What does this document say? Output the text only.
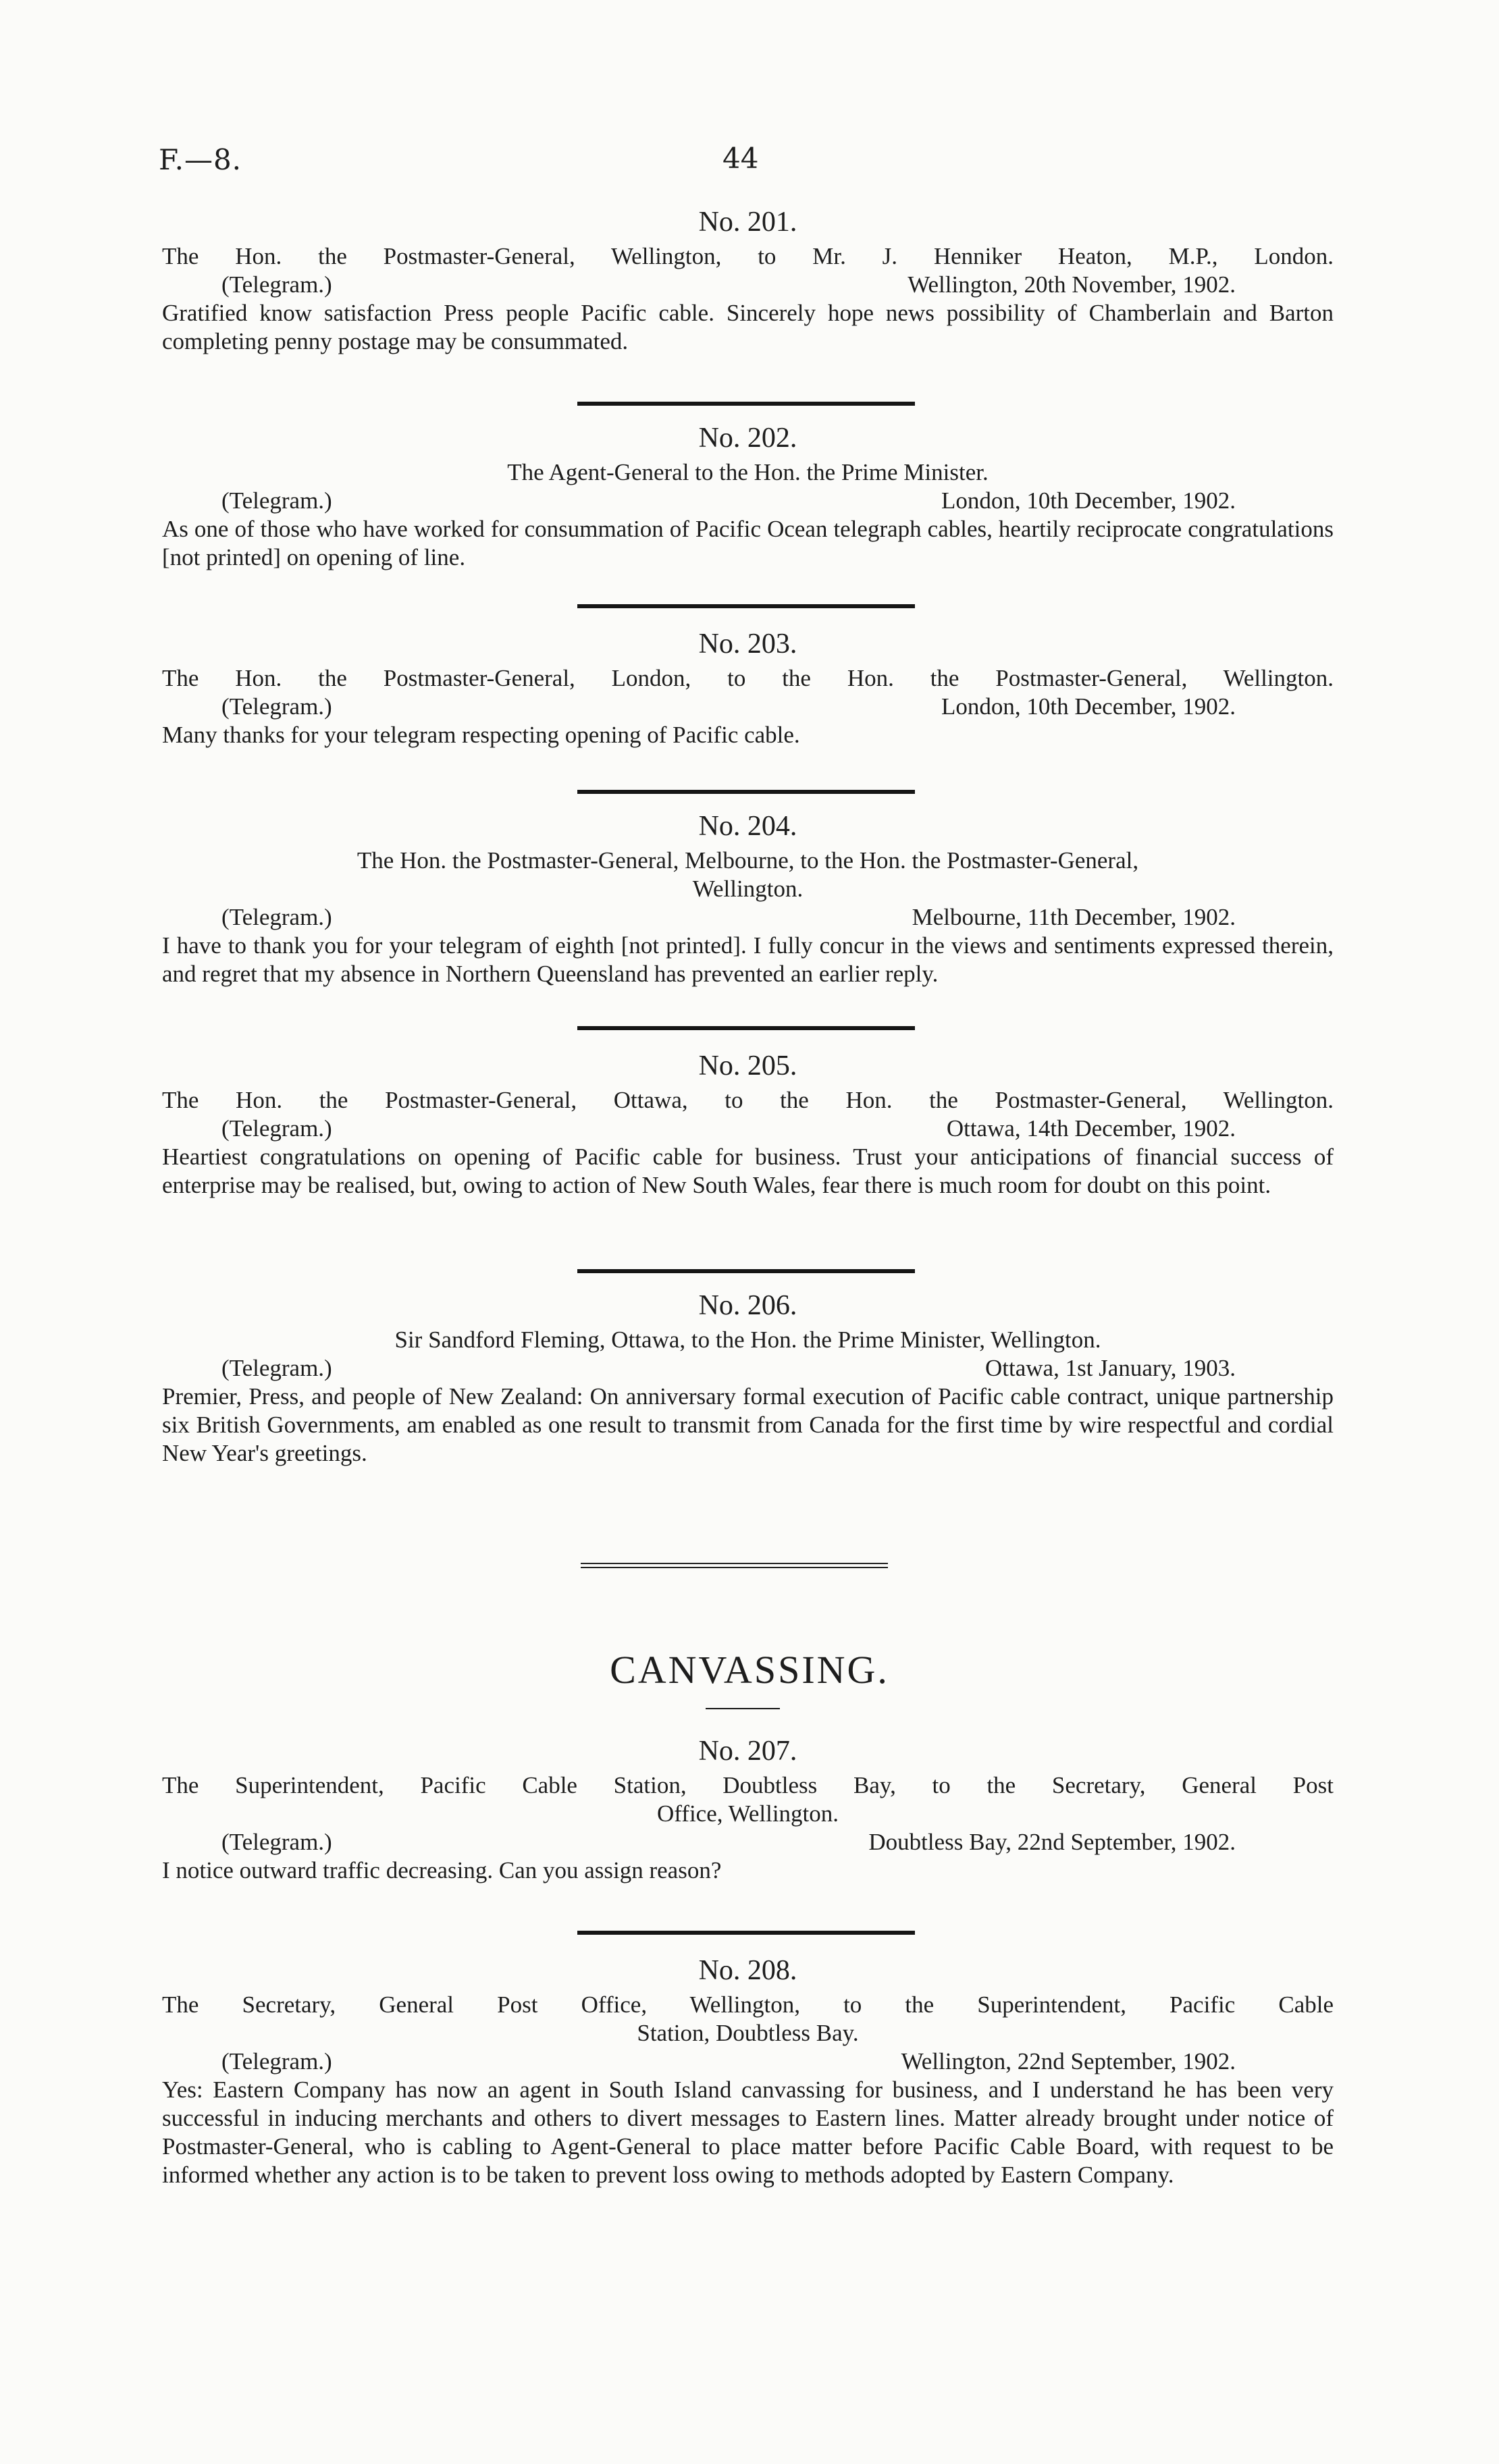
F.—8.	44
No. 201.
The Hon. the Postmaster-General, Wellington, to Mr. J. Henniker Heaton, M.P., London.
(Telegram.)	Wellington, 20th November, 1902.
Gratified know satisfaction Press people Pacific cable. Sincerely hope news possibility of Chamberlain and Barton completing penny postage may be consummated.
No. 202.
The Agent-General to the Hon. the Prime Minister.
(Telegram.)	London, 10th December, 1902.
As one of those who have worked for consummation of Pacific Ocean telegraph cables, heartily reciprocate congratulations [not printed] on opening of line.
No. 203.
The Hon. the Postmaster-General, London, to the Hon. the Postmaster-General, Wellington.
(Telegram.)	London, 10th December, 1902.
Many thanks for your telegram respecting opening of Pacific cable.
No. 204.
The Hon. the Postmaster-General, Melbourne, to the Hon. the Postmaster-General,
Wellington.
(Telegram.)	Melbourne, 11th December, 1902.
I have to thank you for your telegram of eighth [not printed]. I fully concur in the views and sentiments expressed therein, and regret that my absence in Northern Queensland has prevented an earlier reply.
No. 205.
The Hon. the Postmaster-General, Ottawa, to the Hon. the Postmaster-General, Wellington.
(Telegram.)	Ottawa, 14th December, 1902.
Heartiest congratulations on opening of Pacific cable for business. Trust your anticipations of financial success of enterprise may be realised, but, owing to action of New South Wales, fear there is much room for doubt on this point.
No. 206.
Sir Sandford Fleming, Ottawa, to the Hon. the Prime Minister, Wellington.
(Telegram.)	Ottawa, 1st January, 1903.
Premier, Press, and people of New Zealand: On anniversary formal execution of Pacific cable contract, unique partnership six British Governments, am enabled as one result to transmit from Canada for the first time by wire respectful and cordial New Year's greetings.
CANVASSING.
No. 207.
The Superintendent, Pacific Cable Station, Doubtless Bay, to the Secretary, General Post
Office, Wellington.
(Telegram.)	Doubtless Bay, 22nd September, 1902.
I notice outward traffic decreasing. Can you assign reason?
No. 208.
The Secretary, General Post Office, Wellington, to the Superintendent, Pacific Cable
Station, Doubtless Bay.
(Telegram.)	Wellington, 22nd September, 1902.
Yes: Eastern Company has now an agent in South Island canvassing for business, and I understand he has been very successful in inducing merchants and others to divert messages to Eastern lines. Matter already brought under notice of Postmaster-General, who is cabling to Agent-General to place matter before Pacific Cable Board, with request to be informed whether any action is to be taken to prevent loss owing to methods adopted by Eastern Company.
